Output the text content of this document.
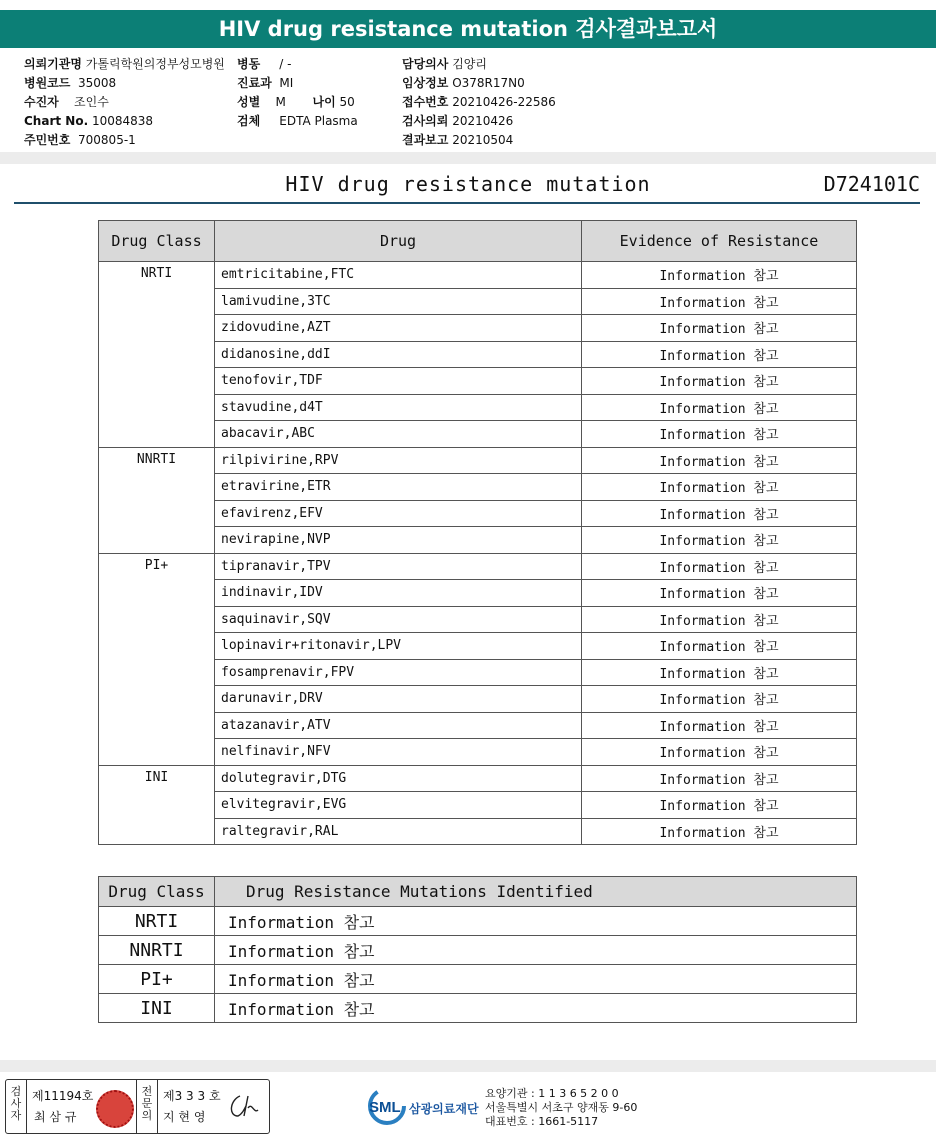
HIV drug resistance mutation 검사결과보고서
의뢰기관명 가톨릭학원의정부성모병원
병원코드 35008
수진자 조인수
Chart No. 10084838
주민번호 700805-1
병동 / -
진료과 MI
성별 M 나이 50
검체 EDTA Plasma
담당의사 김양리
임상정보 O378R17N0
접수번호 20210426-22586
검사의뢰 20210426
결과보고 20210504
HIV drug resistance mutation	D724101C
Drug Class	Drug	Evidence of Resistance
NRTI	emtricitabine,FTC	Information 참고
	lamivudine,3TC	Information 참고
	zidovudine,AZT	Information 참고
	didanosine,ddI	Information 참고
	tenofovir,TDF	Information 참고
	stavudine,d4T	Information 참고
	abacavir,ABC	Information 참고
NNRTI	rilpivirine,RPV	Information 참고
	etravirine,ETR	Information 참고
	efavirenz,EFV	Information 참고
	nevirapine,NVP	Information 참고
PI+	tipranavir,TPV	Information 참고
	indinavir,IDV	Information 참고
	saquinavir,SQV	Information 참고
	lopinavir+ritonavir,LPV	Information 참고
	fosamprenavir,FPV	Information 참고
	darunavir,DRV	Information 참고
	atazanavir,ATV	Information 참고
	nelfinavir,NFV	Information 참고
INI	dolutegravir,DTG	Information 참고
	elvitegravir,EVG	Information 참고
	raltegravir,RAL	Information 참고
Drug Class	Drug Resistance Mutations Identified
NRTI	Information 참고
NNRTI	Information 참고
PI+	Information 참고
INI	Information 참고
검사자
제11194호
최 삼 규
전문의
제3 3 3 호
지 현 영
SML 삼광의료재단
요양기관 : 1 1 3 6 5 2 0 0
서울특별시 서초구 양재동 9-60
대표번호 : 1661-5117
